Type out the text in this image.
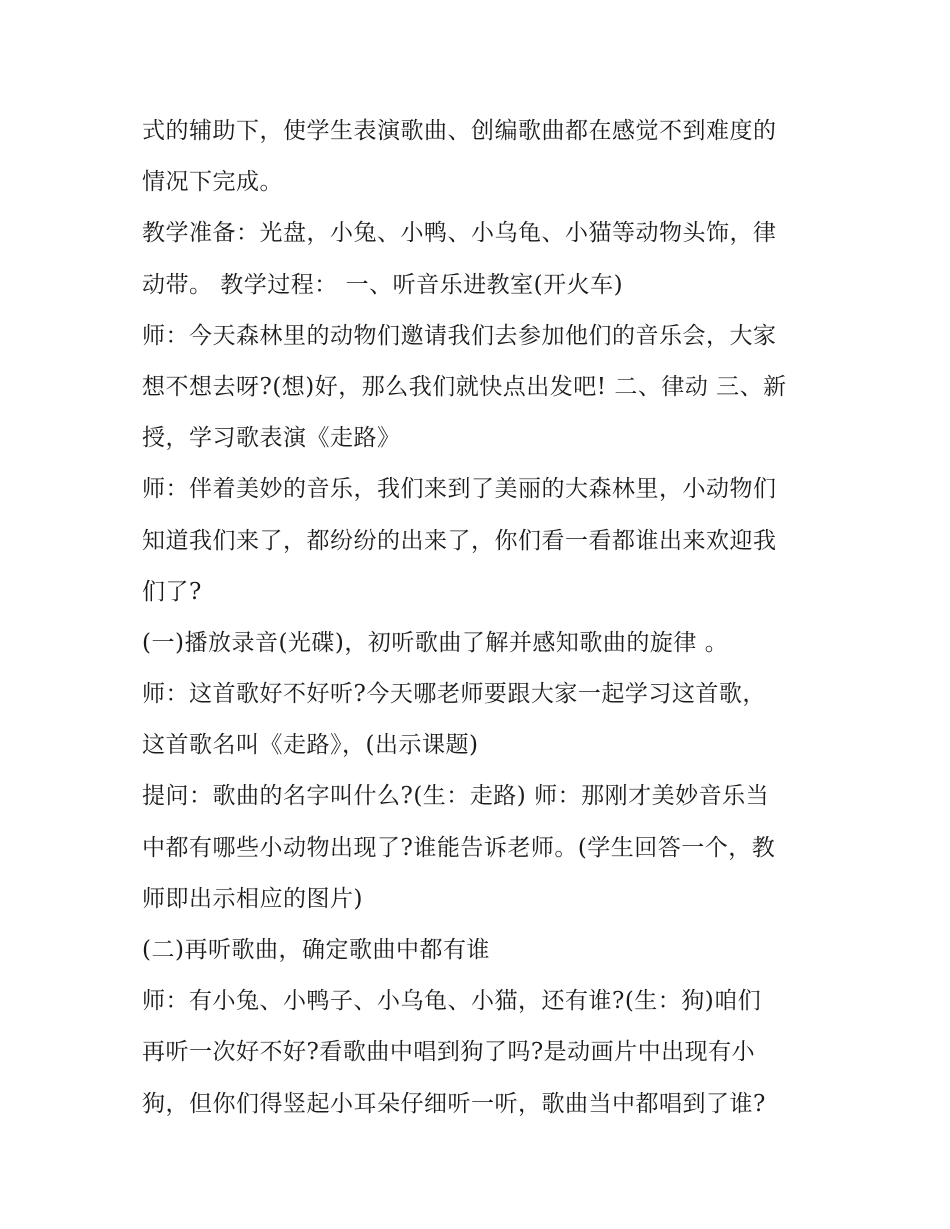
式的辅助下，使学生表演歌曲、创编歌曲都在感觉不到难度的
情况下完成。
教学准备：光盘，小兔、小鸭、小乌龟、小猫等动物头饰，律
动带。 教学过程： 一、听音乐进教室(开火车)
师：今天森林里的动物们邀请我们去参加他们的音乐会，大家
想不想去呀?(想)好，那么我们就快点出发吧! 二、律动 三、新
授，学习歌表演《走路》
师：伴着美妙的音乐，我们来到了美丽的大森林里，小动物们
知道我们来了，都纷纷的出来了，你们看一看都谁出来欢迎我
们了?
(一)播放录音(光碟)，初听歌曲了解并感知歌曲的旋律 。
师：这首歌好不好听?今天哪老师要跟大家一起学习这首歌，
这首歌名叫《走路》，(出示课题)
提问：歌曲的名字叫什么?(生：走路) 师：那刚才美妙音乐当
中都有哪些小动物出现了?谁能告诉老师。(学生回答一个，教
师即出示相应的图片)
(二)再听歌曲，确定歌曲中都有谁
师：有小兔、小鸭子、小乌龟、小猫，还有谁?(生：狗)咱们
再听一次好不好?看歌曲中唱到狗了吗?是动画片中出现有小
狗，但你们得竖起小耳朵仔细听一听，歌曲当中都唱到了谁?
